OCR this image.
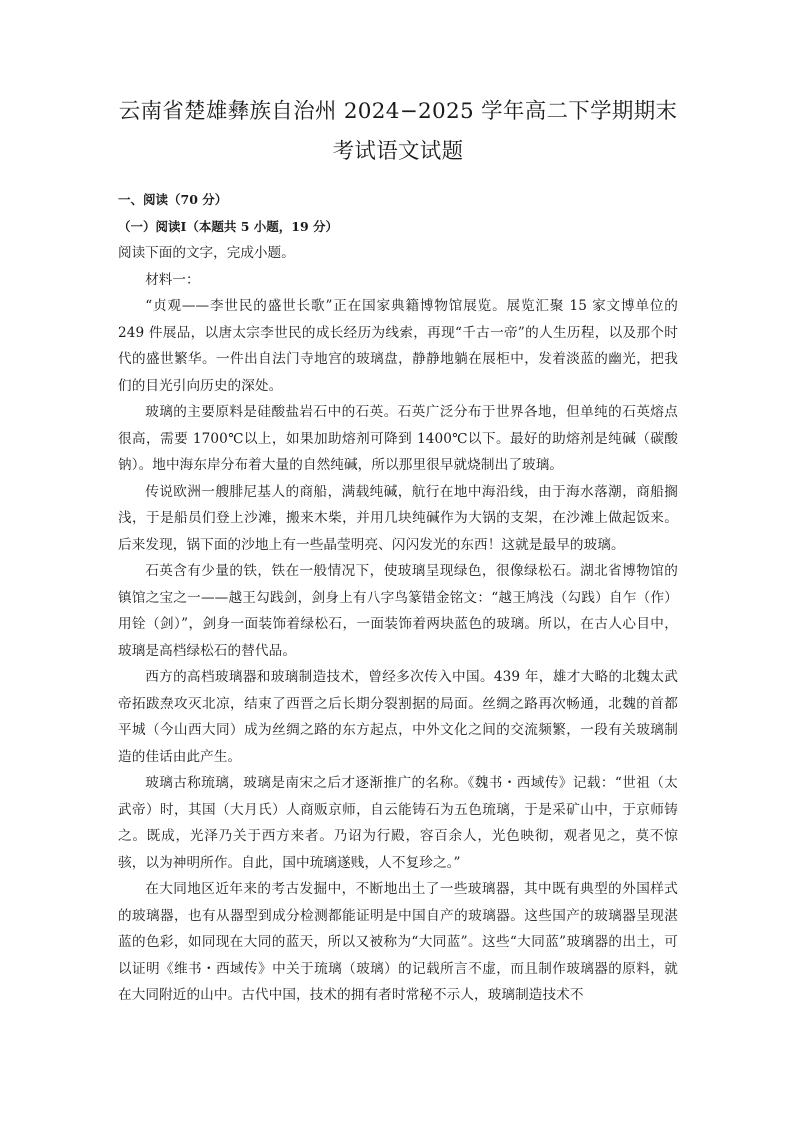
云南省楚雄彝族自治州 2024−2025 学年高二下学期期末
考试语文试题

一、阅读（70 分）

（一）阅读Ⅰ（本题共 5 小题，19 分）

阅读下面的文字，完成小题。

材料一：

“贞观——李世民的盛世长歌”正在国家典籍博物馆展览。展览汇聚 15 家文博单位的 249 件展品，以唐太宗李世民的成长经历为线索，再现“千古一帝”的人生历程，以及那个时代的盛世繁华。一件出自法门寺地宫的玻璃盘，静静地躺在展柜中，发着淡蓝的幽光，把我们的目光引向历史的深处。

玻璃的主要原料是硅酸盐岩石中的石英。石英广泛分布于世界各地，但单纯的石英熔点很高，需要 1700℃以上，如果加助熔剂可降到 1400℃以下。最好的助熔剂是纯碱（碳酸钠）。地中海东岸分布着大量的自然纯碱，所以那里很早就烧制出了玻璃。

传说欧洲一艘腓尼基人的商船，满载纯碱，航行在地中海沿线，由于海水落潮，商船搁浅，于是船员们登上沙滩，搬来木柴，并用几块纯碱作为大锅的支架，在沙滩上做起饭来。后来发现，锅下面的沙地上有一些晶莹明亮、闪闪发光的东西！这就是最早的玻璃。

石英含有少量的铁，铁在一般情况下，使玻璃呈现绿色，很像绿松石。湖北省博物馆的镇馆之宝之一——越王勾践剑，剑身上有八字鸟篆错金铭文：“越王鸠浅（勾践）自乍（作）用铨（剑）”，剑身一面装饰着绿松石，一面装饰着两块蓝色的玻璃。所以，在古人心目中，玻璃是高档绿松石的替代品。

西方的高档玻璃器和玻璃制造技术，曾经多次传入中国。439 年，雄才大略的北魏太武帝拓跋焘攻灭北凉，结束了西晋之后长期分裂割据的局面。丝绸之路再次畅通，北魏的首都平城（今山西大同）成为丝绸之路的东方起点，中外文化之间的交流频繁，一段有关玻璃制造的佳话由此产生。

玻璃古称琉璃，玻璃是南宋之后才逐渐推广的名称。《魏书・西域传》记载：“世祖（太武帝）时，其国（大月氏）人商贩京师，自云能铸石为五色琉璃，于是采矿山中，于京师铸之。既成，光泽乃关于西方来者。乃诏为行殿，容百余人，光色映彻，观者见之，莫不惊骇，以为神明所作。自此，国中琉璃遂贱，人不复珍之。”

在大同地区近年来的考古发掘中，不断地出土了一些玻璃器，其中既有典型的外国样式的玻璃器，也有从器型到成分检测都能证明是中国自产的玻璃器。这些国产的玻璃器呈现湛蓝的色彩，如同现在大同的蓝天，所以又被称为“大同蓝”。这些“大同蓝”玻璃器的出土，可以证明《维书・西域传》中关于琉璃（玻璃）的记载所言不虚，而且制作玻璃器的原料，就在大同附近的山中。古代中国，技术的拥有者时常秘不示人，玻璃制造技术不
